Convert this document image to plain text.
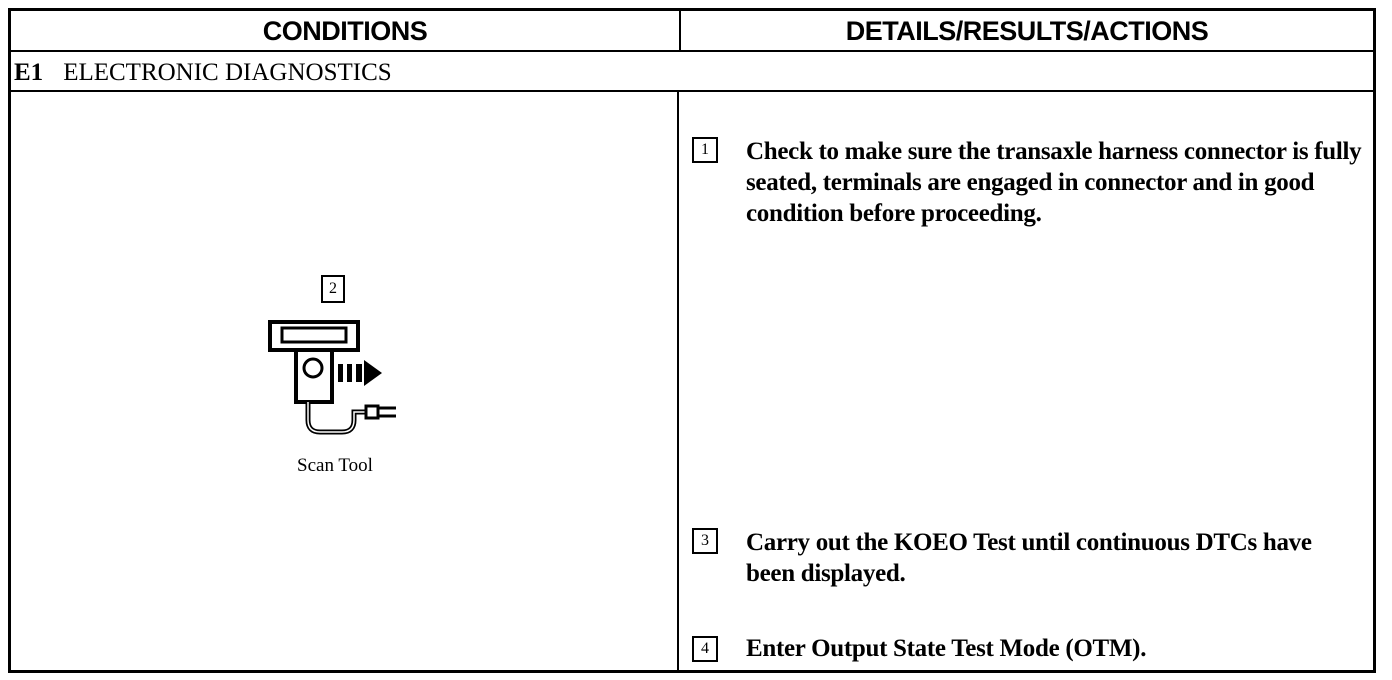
CONDITIONS	DETAILS/RESULTS/ACTIONS
E1 ELECTRONIC DIAGNOSTICS
2
Scan Tool
1	Check to make sure the transaxle harness connector is fully seated, terminals are engaged in connector and in good condition before proceeding.
3	Carry out the KOEO Test until continuous DTCs have been displayed.
4	Enter Output State Test Mode (OTM).
